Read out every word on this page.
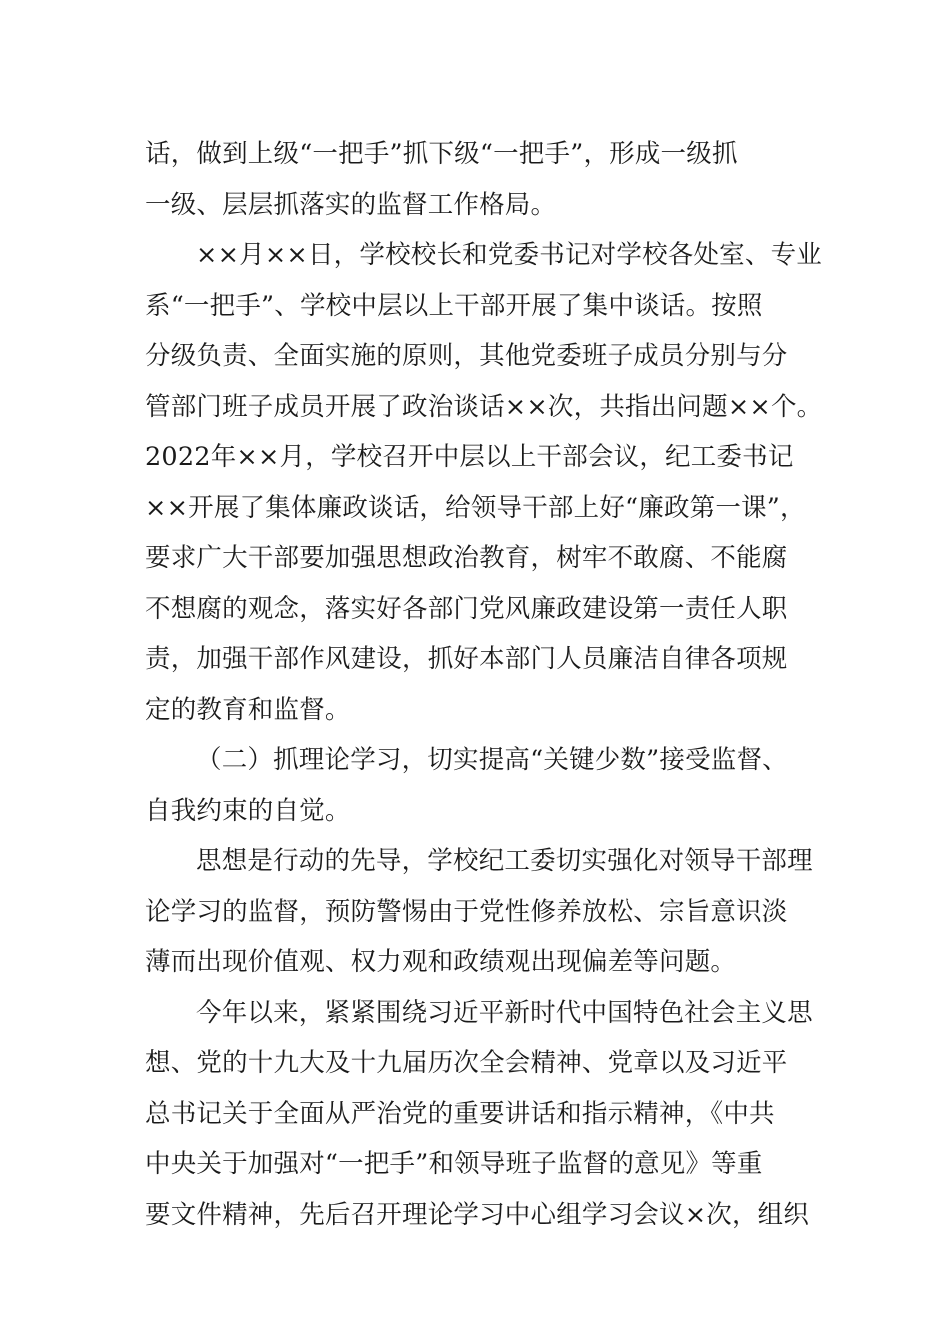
话，做到上级“一把手”抓下级“一把手”，形成一级抓
一级、层层抓落实的监督工作格局。
××月××日，学校校长和党委书记对学校各处室、专业
系“一把手”、学校中层以上干部开展了集中谈话。按照
分级负责、全面实施的原则，其他党委班子成员分别与分
管部门班子成员开展了政治谈话××次，共指出问题××个。
2022年××月，学校召开中层以上干部会议，纪工委书记
××开展了集体廉政谈话，给领导干部上好“廉政第一课”，
要求广大干部要加强思想政治教育，树牢不敢腐、不能腐
不想腐的观念，落实好各部门党风廉政建设第一责任人职
责，加强干部作风建设，抓好本部门人员廉洁自律各项规
定的教育和监督。
（二）抓理论学习，切实提高“关键少数”接受监督、
自我约束的自觉。
思想是行动的先导，学校纪工委切实强化对领导干部理
论学习的监督，预防警惕由于党性修养放松、宗旨意识淡
薄而出现价值观、权力观和政绩观出现偏差等问题。
今年以来，紧紧围绕习近平新时代中国特色社会主义思
想、党的十九大及十九届历次全会精神、党章以及习近平
总书记关于全面从严治党的重要讲话和指示精神，《中共
中央关于加强对“一把手”和领导班子监督的意见》等重
要文件精神，先后召开理论学习中心组学习会议×次，组织
